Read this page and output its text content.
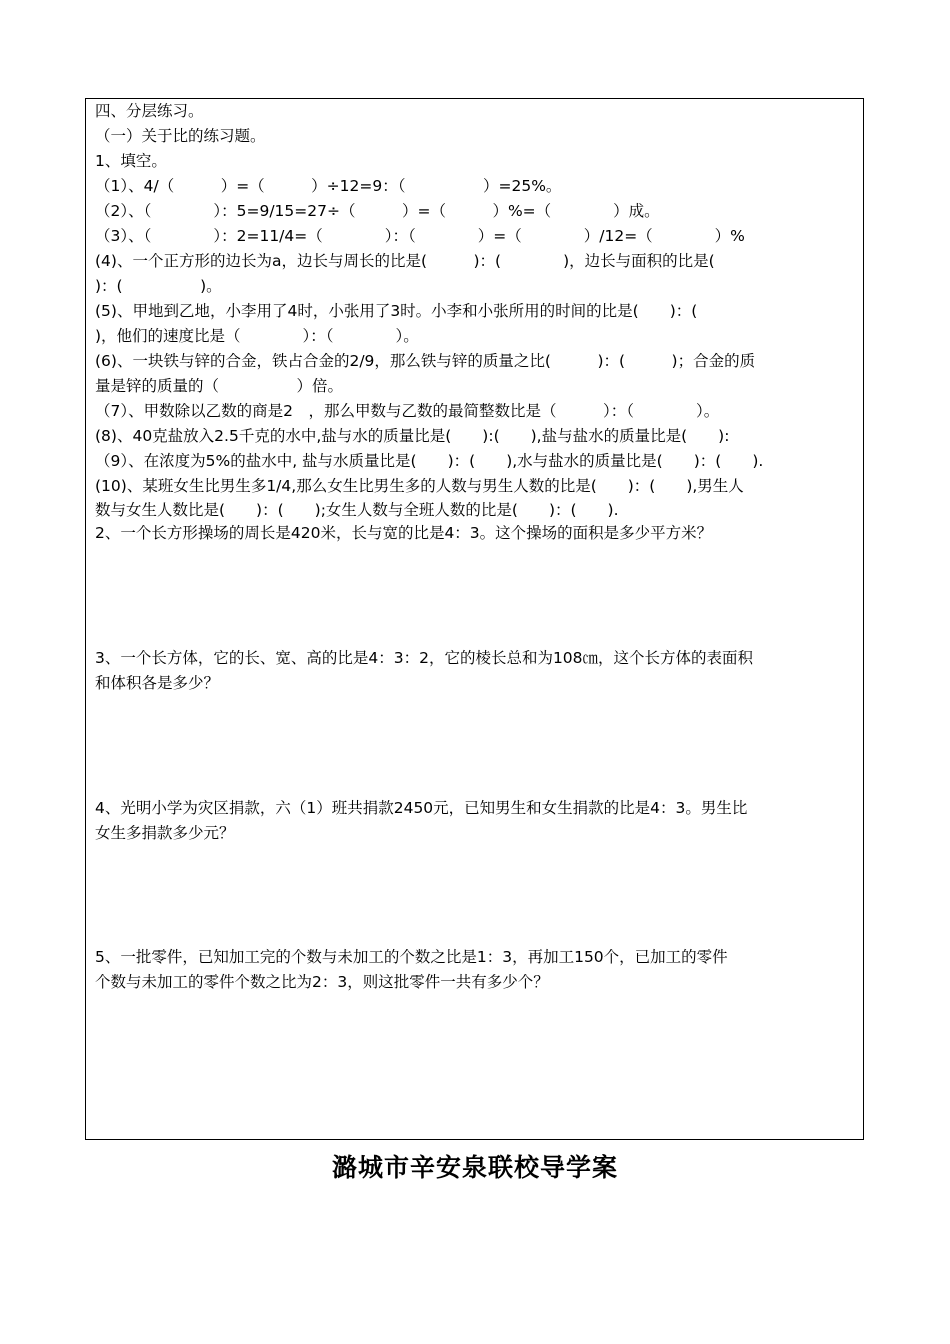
四、分层练习。
（一）关于比的练习题。
1、填空。
（1）、4/（　　　）=（　　　）÷12=9：（　　　　　）=25%。
（2）、（　　　　）：5=9/15=27÷（　　　）=（　　　）%=（　　　　）成。
（3）、（　　　　）：2=11/4=（　　　　）：（　　　　）=（　　　　）/12=（　　　　）%
(4)、一个正方形的边长为a，边长与周长的比是(　　　)：(　　　　)，边长与面积的比是(
)：(　　　　　)。
(5)、甲地到乙地，小李用了4时，小张用了3时。小李和小张所用的时间的比是(　　)：(
)，他们的速度比是（　　　　）：（　　　　）。
(6)、一块铁与锌的合金，铁占合金的2/9，那么铁与锌的质量之比(　　　)：(　　　)；合金的质
量是锌的质量的（　　　　　）倍。
（7）、甲数除以乙数的商是2　，那么甲数与乙数的最简整数比是（　　　）：（　　　　）。
(8)、40克盐放入2.5千克的水中,盐与水的质量比是(　　):(　　),盐与盐水的质量比是(　　):
（9）、在浓度为5%的盐水中, 盐与水质量比是(　　)：(　　),水与盐水的质量比是(　　)：(　　).
(10)、某班女生比男生多1/4,那么女生比男生多的人数与男生人数的比是(　　)：(　　),男生人
数与女生人数比是(　　)：(　　);女生人数与全班人数的比是(　　)：(　　).
2、一个长方形操场的周长是420米，长与宽的比是4：3。这个操场的面积是多少平方米？
3、一个长方体，它的长、宽、高的比是4：3：2，它的棱长总和为108㎝，这个长方体的表面积
和体积各是多少？
4、光明小学为灾区捐款，六（1）班共捐款2450元，已知男生和女生捐款的比是4：3。男生比
女生多捐款多少元？
5、一批零件，已知加工完的个数与未加工的个数之比是1：3，再加工150个，已加工的零件
个数与未加工的零件个数之比为2：3，则这批零件一共有多少个？
潞城市辛安泉联校导学案
